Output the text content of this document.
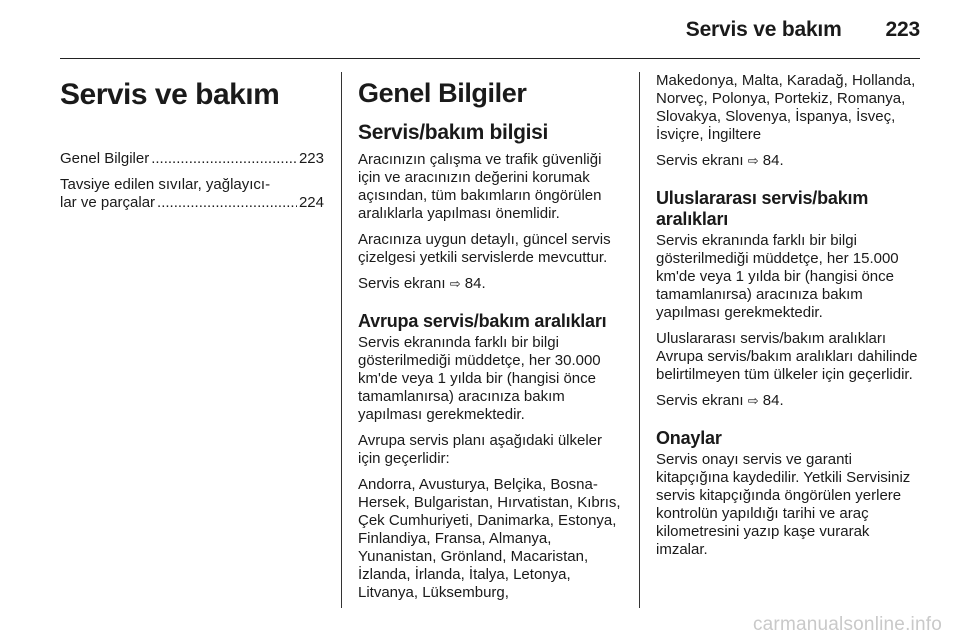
Servis ve bakım 223
Servis ve bakım
Genel Bilgiler .....	223
Tavsiye edilen sıvılar, yağlayıcı-
lar ve parçalar .....	224
Genel Bilgiler
Servis/bakım bilgisi

Aracınızın çalışma ve trafik güvenliği için ve aracınızın değerini korumak açısından, tüm bakımların öngörülen aralıklarla yapılması önemlidir.

Aracınıza uygun detaylı, güncel servis çizelgesi yetkili servislerde mevcuttur.

Servis ekranı ⇨ 84.

Avrupa servis/bakım aralıkları

Servis ekranında farklı bir bilgi gösterilmediği müddetçe, her 30.000 km'de veya 1 yılda bir (hangisi önce tamamlanırsa) aracınıza bakım yapılması gerekmektedir.

Avrupa servis planı aşağıdaki ülkeler için geçerlidir:

Andorra, Avusturya, Belçika, Bosna-Hersek, Bulgaristan, Hırvatistan, Kıbrıs, Çek Cumhuriyeti, Danimarka, Estonya, Finlandiya, Fransa, Almanya, Yunanistan, Grönland, Macaristan, İzlanda, İrlanda, İtalya, Letonya, Litvanya, Lüksemburg,

Makedonya, Malta, Karadağ, Hollanda, Norveç, Polonya, Portekiz, Romanya, Slovakya, Slovenya, İspanya, İsveç, İsviçre, İngiltere

Servis ekranı ⇨ 84.

Uluslararası servis/bakım
aralıkları

Servis ekranında farklı bir bilgi gösterilmediği müddetçe, her 15.000 km'de veya 1 yılda bir (hangisi önce tamamlanırsa) aracınıza bakım yapılması gerekmektedir.

Uluslararası servis/bakım aralıkları Avrupa servis/bakım aralıkları dahilinde belirtilmeyen tüm ülkeler için geçerlidir.

Servis ekranı ⇨ 84.

Onaylar

Servis onayı servis ve garanti kitapçığına kaydedilir. Yetkili Servisiniz servis kitapçığında öngörülen yerlere kontrolün yapıldığı tarihi ve araç kilometresini yazıp kaşe vurarak imzalar.

carmanualsonline.info
